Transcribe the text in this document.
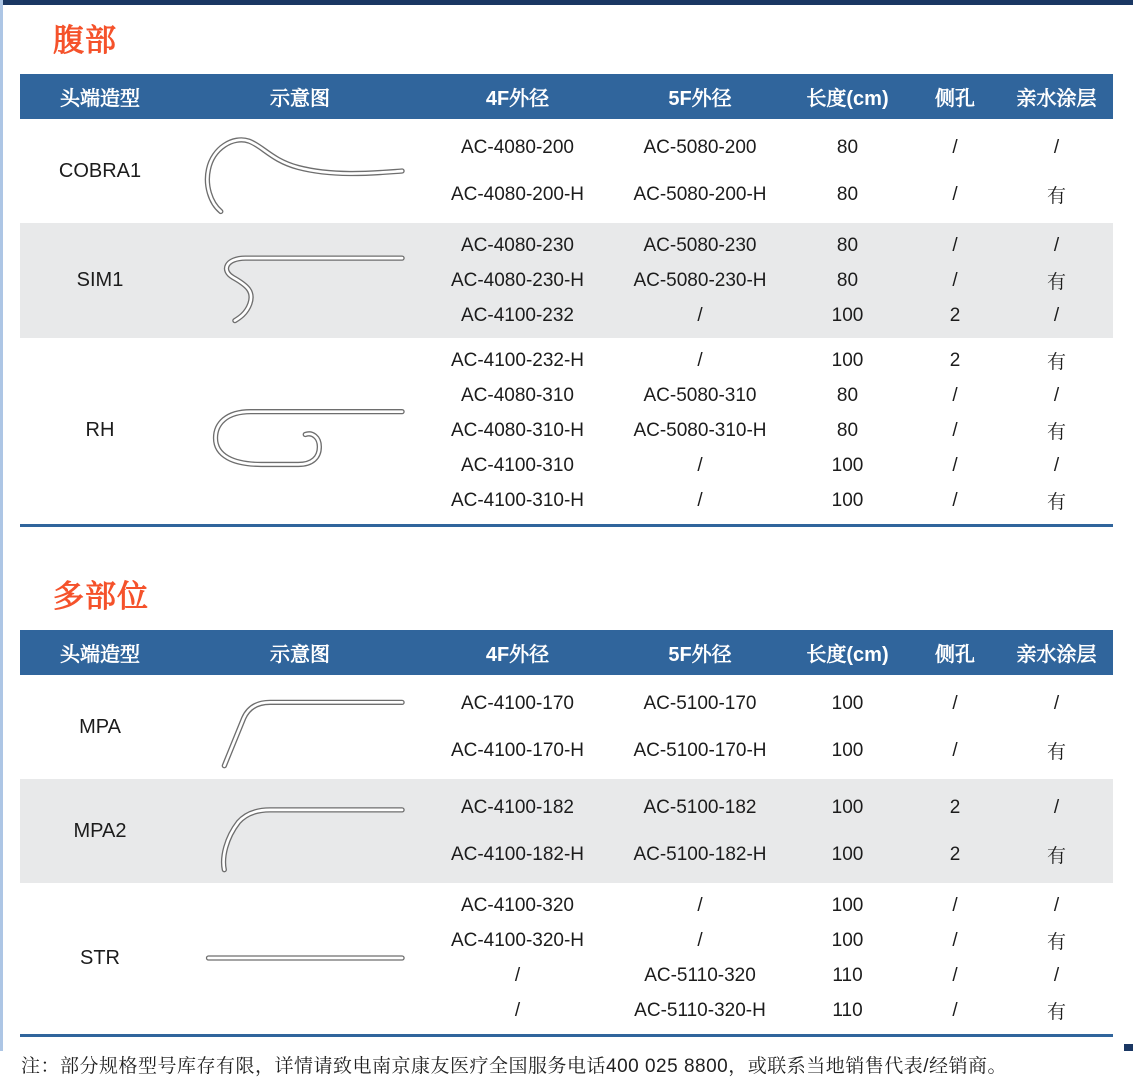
腹部
头端造型	示意图	4F外径	5F外径	长度(cm)	侧孔	亲水涂层
COBRA1
AC-4080-200	AC-5080-200	80	/	/
AC-4080-200-H	AC-5080-200-H	80	/	有
SIM1
AC-4080-230	AC-5080-230	80	/	/
AC-4080-230-H	AC-5080-230-H	80	/	有
AC-4100-232	/	100	2	/
RH
AC-4100-232-H	/	100	2	有
AC-4080-310	AC-5080-310	80	/	/
AC-4080-310-H	AC-5080-310-H	80	/	有
AC-4100-310	/	100	/	/
AC-4100-310-H	/	100	/	有
多部位
头端造型	示意图	4F外径	5F外径	长度(cm)	侧孔	亲水涂层
MPA
AC-4100-170	AC-5100-170	100	/	/
AC-4100-170-H	AC-5100-170-H	100	/	有
MPA2
AC-4100-182	AC-5100-182	100	2	/
AC-4100-182-H	AC-5100-182-H	100	2	有
STR
AC-4100-320	/	100	/	/
AC-4100-320-H	/	100	/	有
/	AC-5110-320	110	/	/
/	AC-5110-320-H	110	/	有
注：部分规格型号库存有限，详情请致电南京康友医疗全国服务电话400 025 8800，或联系当地销售代表/经销商。
